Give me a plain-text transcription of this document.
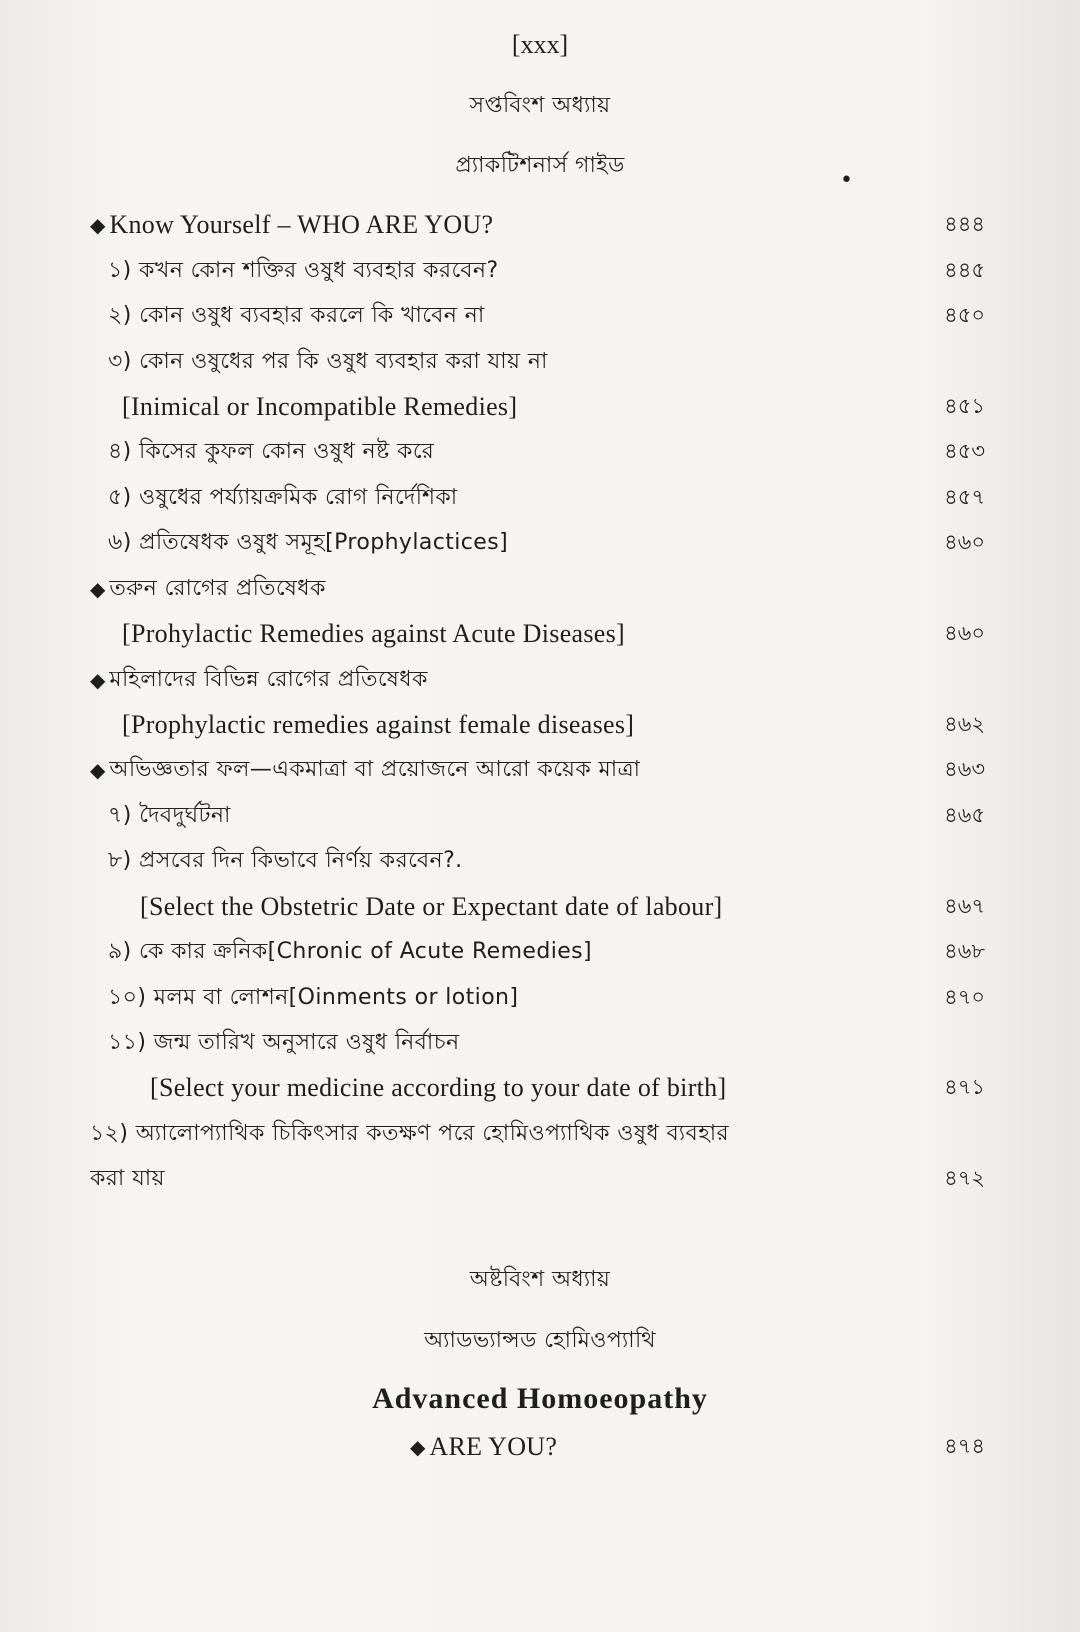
[xxx]
সপ্তবিংশ অধ্যায়
প্র্যাকটিশনার্স গাইড
•
◆ Know Yourself – WHO ARE YOU?	৪৪৪
১) কখন কোন শক্তির ওষুধ ব্যবহার করবেন?	৪৪৫
২) কোন ওষুধ ব্যবহার করলে কি খাবেন না	৪৫০
৩) কোন ওষুধের পর কি ওষুধ ব্যবহার করা যায় না
[Inimical or Incompatible Remedies]	৪৫১
৪) কিসের কুফল কোন ওষুধ নষ্ট করে	৪৫৩
৫) ওষুধের পর্য্যায়ক্রমিক রোগ নির্দেশিকা	৪৫৭
৬) প্রতিষেধক ওষুধ সমূহ[Prophylactices]	৪৬০
◆ তরুন রোগের প্রতিষেধক
[Prohylactic Remedies against Acute Diseases]	৪৬০
◆ মহিলাদের বিভিন্ন রোগের প্রতিষেধক
[Prophylactic remedies against female diseases]	৪৬২
◆ অভিজ্ঞতার ফল—একমাত্রা বা প্রয়োজনে আরো কয়েক মাত্রা	৪৬৩
৭) দৈবদুর্ঘটনা	৪৬৫
৮) প্রসবের দিন কিভাবে নির্ণয় করবেন?.
[Select the Obstetric Date or Expectant date of labour]	৪৬৭
৯) কে কার ক্রনিক[Chronic of Acute Remedies]	৪৬৮
১০) মলম বা লোশন[Oinments or lotion]	৪৭০
১১) জন্ম তারিখ অনুসারে ওষুধ নির্বাচন
[Select your medicine according to your date of birth]	৪৭১
১২) অ্যালোপ্যাথিক চিকিৎসার কতক্ষণ পরে হোমিওপ্যাথিক ওষুধ ব্যবহার
করা যায়	৪৭২
অষ্টবিংশ অধ্যায়
অ্যাডভ্যান্সড হোমিওপ্যাথি
Advanced Homoeopathy
◆ ARE YOU?	৪৭৪
